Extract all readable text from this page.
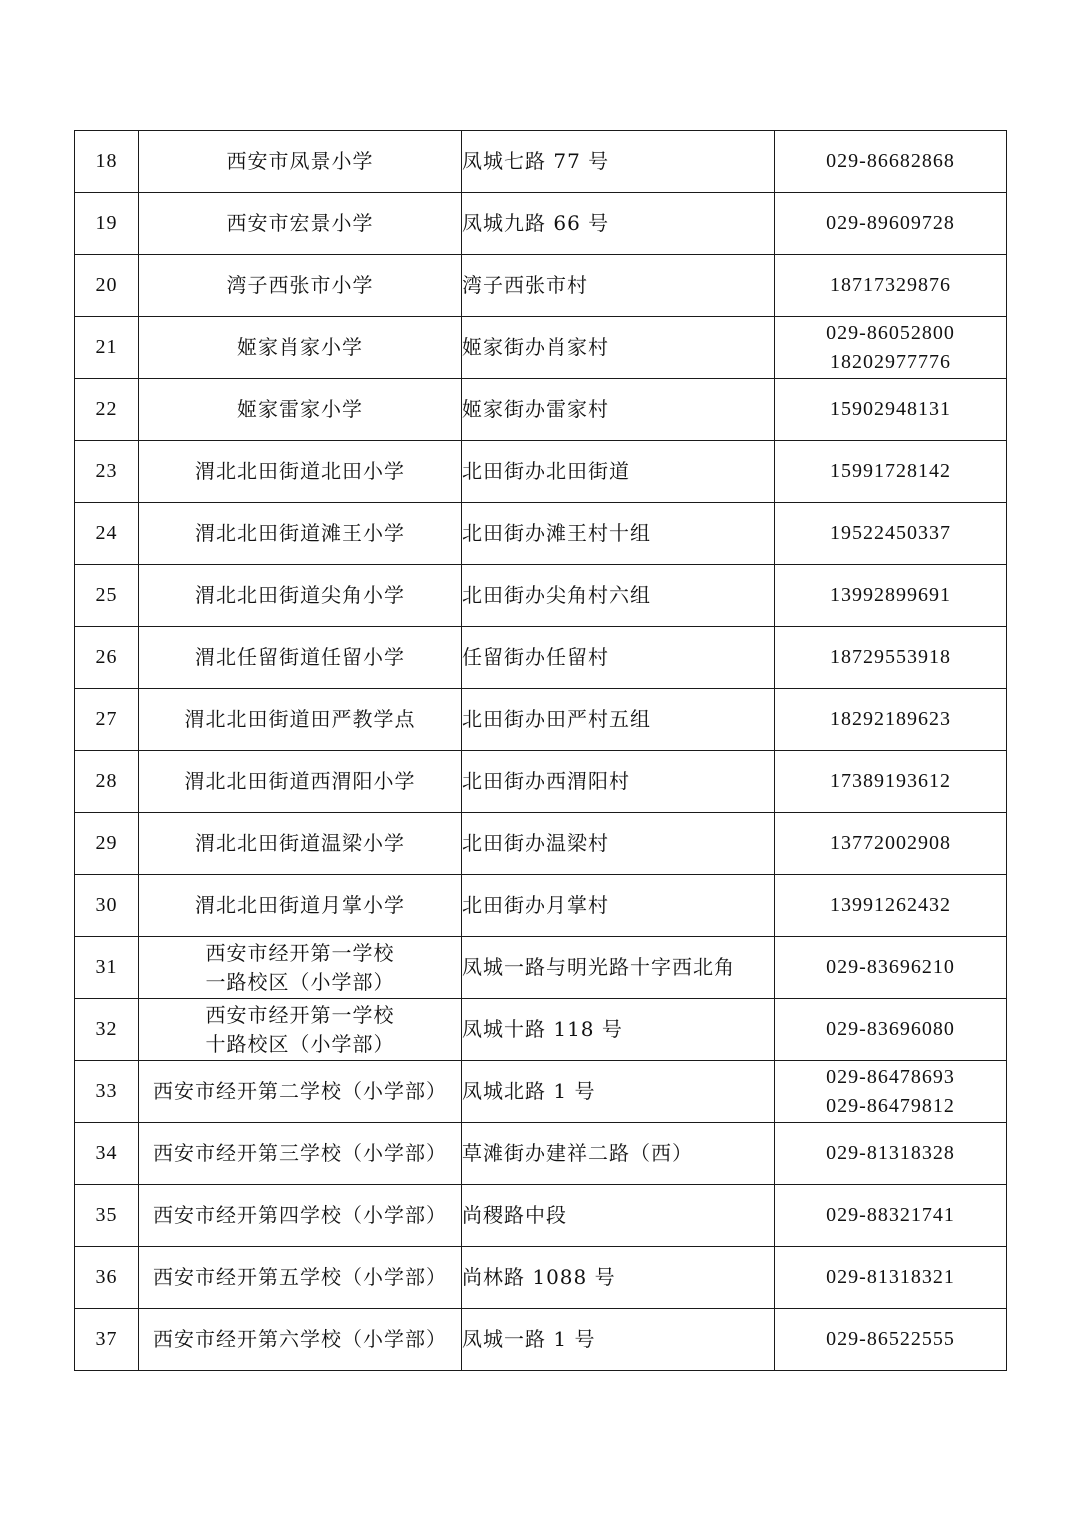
18	西安市凤景小学	凤城七路 77 号	029-86682868

19	西安市宏景小学	凤城九路 66 号	029-89609728

20	湾子西张市小学	湾子西张市村	18717329876

21	姬家肖家小学	姬家街办肖家村	029-86052800
18202977776

22	姬家雷家小学	姬家街办雷家村	15902948131

23	渭北北田街道北田小学	北田街办北田街道	15991728142

24	渭北北田街道滩王小学	北田街办滩王村十组	19522450337

25	渭北北田街道尖角小学	北田街办尖角村六组	13992899691

26	渭北任留街道任留小学	任留街办任留村	18729553918

27	渭北北田街道田严教学点	北田街办田严村五组	18292189623

28	渭北北田街道西渭阳小学	北田街办西渭阳村	17389193612

29	渭北北田街道温梁小学	北田街办温梁村	13772002908

30	渭北北田街道月掌小学	北田街办月掌村	13991262432

31	西安市经开第一学校
一路校区（小学部）	凤城一路与明光路十字西北角	029-83696210

32	西安市经开第一学校
十路校区（小学部）	凤城十路 118 号	029-83696080

33	西安市经开第二学校（小学部）	凤城北路 1 号	029-86478693
029-86479812

34	西安市经开第三学校（小学部）	草滩街办建祥二路（西）	029-81318328

35	西安市经开第四学校（小学部）	尚稷路中段	029-88321741

36	西安市经开第五学校（小学部）	尚林路 1088 号	029-81318321

37	西安市经开第六学校（小学部）	凤城一路 1 号	029-86522555
